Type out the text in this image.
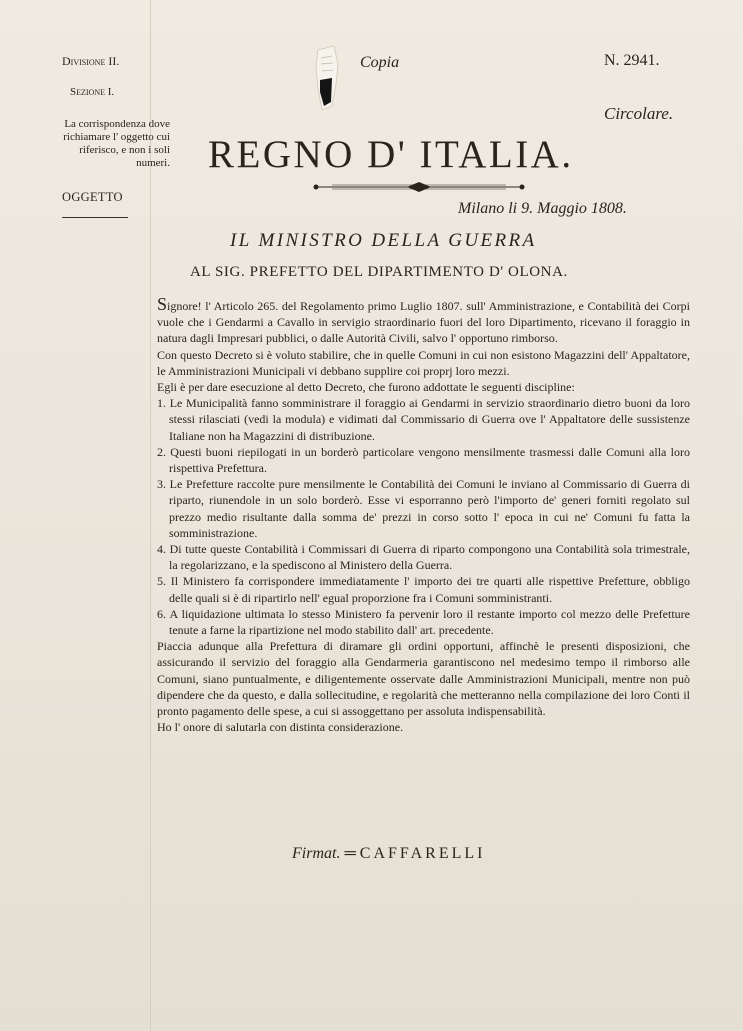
Divisione II.
Sezione I.
La corrispondenza dove richiamare l' oggetto cui riferisco, e non i soli numeri.
OGGETTO
Copia	N. 2941.
Circolare.
REGNO D' ITALIA.
Milano li 9. Maggio 1808.
IL MINISTRO DELLA GUERRA
AL SIG. PREFETTO DEL DIPARTIMENTO D' OLONA.

Signore! l' Articolo 265. del Regolamento primo Luglio 1807. sull' Amministrazione, e Contabilità dei Corpi vuole che i Gendarmi a Cavallo in servigio straordinario fuori del loro Dipartimento, ricevano il foraggio in natura dagli Impresari pubblici, o dalle Autorità Civili, salvo l' opportuno rimborso.

Con questo Decreto si è voluto stabilire, che in quelle Comuni in cui non esistono Magazzini dell' Appaltatore, le Amministrazioni Municipali vi debbano supplire coi proprj loro mezzi.

Egli è per dare esecuzione al detto Decreto, che furono addottate le seguenti discipline:

1. Le Municipalità fanno somministrare il foraggio ai Gendarmi in servizio straordinario dietro buoni da loro stessi rilasciati (vedi la modula) e vidimati dal Commissario di Guerra ove l' Appaltatore delle sussistenze Italiane non ha Magazzini di distribuzione.

2. Questi buoni riepilogati in un borderò particolare vengono mensilmente trasmessi dalle Comuni alla loro rispettiva Prefettura.

3. Le Prefetture raccolte pure mensilmente le Contabilità dei Comuni le inviano al Commissario di Guerra di riparto, riunendole in un solo borderò. Esse vi esporranno però l'importo de' generi forniti regolato sul prezzo medio risultante dalla somma de' prezzi in corso sotto l' epoca in cui ne' Comuni fu fatta la somministrazione.

4. Di tutte queste Contabilità i Commissari di Guerra di riparto compongono una Contabilità sola trimestrale, la regolarizzano, e la spediscono al Ministero della Guerra.

5. Il Ministero fa corrispondere immediatamente l' importo dei tre quarti alle rispettive Prefetture, obbligo delle quali si è di ripartirlo nell' egual proporzione fra i Comuni somministranti.

6. A liquidazione ultimata lo stesso Ministero fa pervenir loro il restante importo col mezzo delle Prefetture tenute a farne la ripartizione nel modo stabilito dall' art. precedente.

Piaccia adunque alla Prefettura di diramare gli ordini opportuni, affinchè le presenti disposizioni, che assicurando il servizio del foraggio alla Gendarmeria garantiscono nel medesimo tempo il rimborso alle Comuni, siano puntualmente, e diligentemente osservate dalle Amministrazioni Municipali, mentre non può dipendere che da questo, e dalla sollecitudine, e regolarità che metteranno nella compilazione dei loro Conti il pronto pagamento delle spese, a cui si assoggettano per assoluta indispensabilità.

Ho l' onore di salutarla con distinta considerazione.

Firmat. ═ CAFFARELLI
